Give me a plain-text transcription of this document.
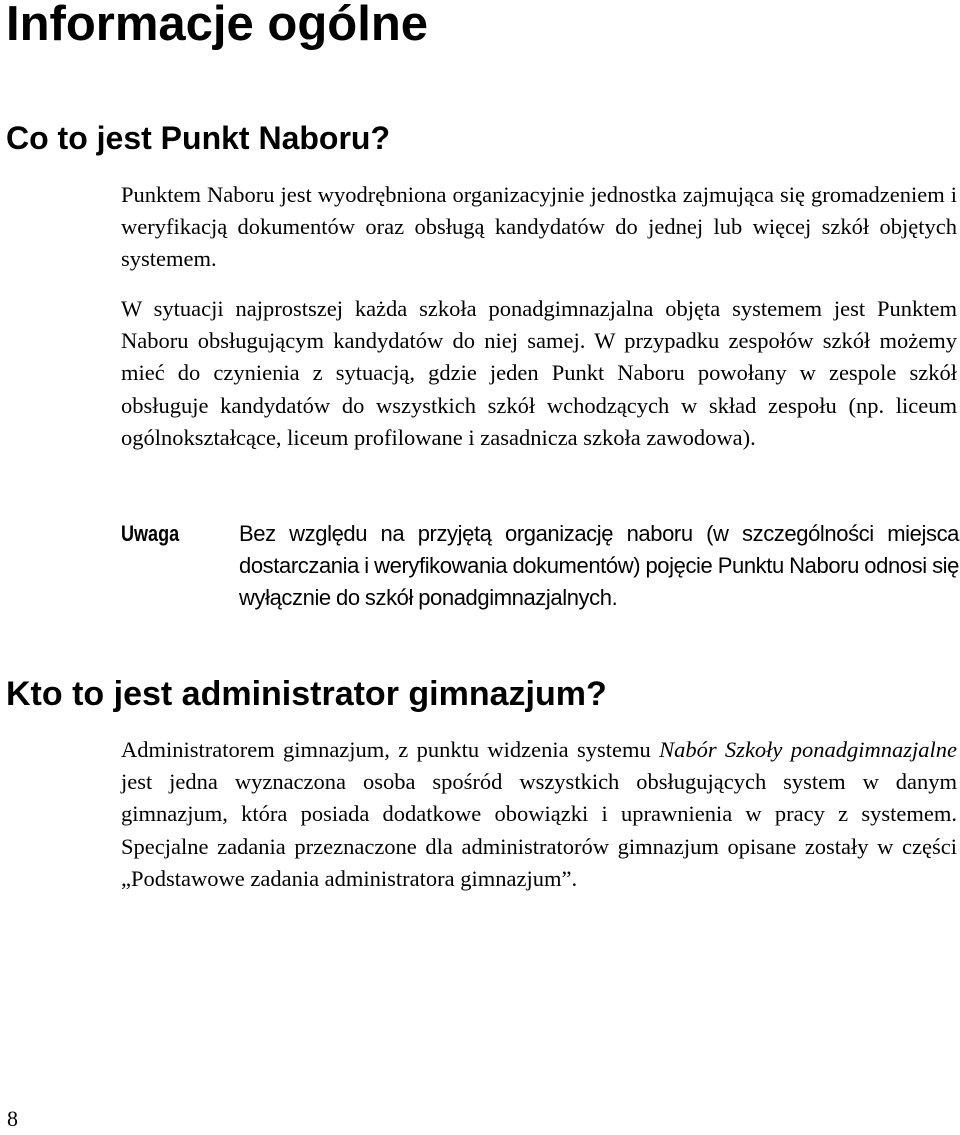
Informacje ogólne
Co to jest Punkt Naboru?

Punktem Naboru jest wyodrębniona organizacyjnie jednostka zajmująca się gromadzeniem i weryfikacją dokumentów oraz obsługą kandydatów do jednej lub więcej szkół objętych systemem.

W sytuacji najprostszej każda szkoła ponadgimnazjalna objęta systemem jest Punktem Naboru obsługującym kandydatów do niej samej. W przypadku zespołów szkół możemy mieć do czynienia z sytuacją, gdzie jeden Punkt Naboru powołany w zespole szkół obsługuje kandydatów do wszystkich szkół wchodzących w skład zespołu (np. liceum ogólnokształcące, liceum profilowane i zasadnicza szkoła zawodowa).

Uwaga	Bez względu na przyjętą organizację naboru (w szczególności miejsca dostarczania i weryfikowania dokumentów) pojęcie Punktu Naboru odnosi się wyłącznie do szkół ponadgimnazjalnych.

Kto to jest administrator gimnazjum?

Administratorem gimnazjum, z punktu widzenia systemu Nabór Szkoły ponadgimnazjalne jest jedna wyznaczona osoba spośród wszystkich obsługujących system w danym gimnazjum, która posiada dodatkowe obowiązki i uprawnienia w pracy z systemem. Specjalne zadania przeznaczone dla administratorów gimnazjum opisane zostały w części „Podstawowe zadania administratora gimnazjum”.

8
